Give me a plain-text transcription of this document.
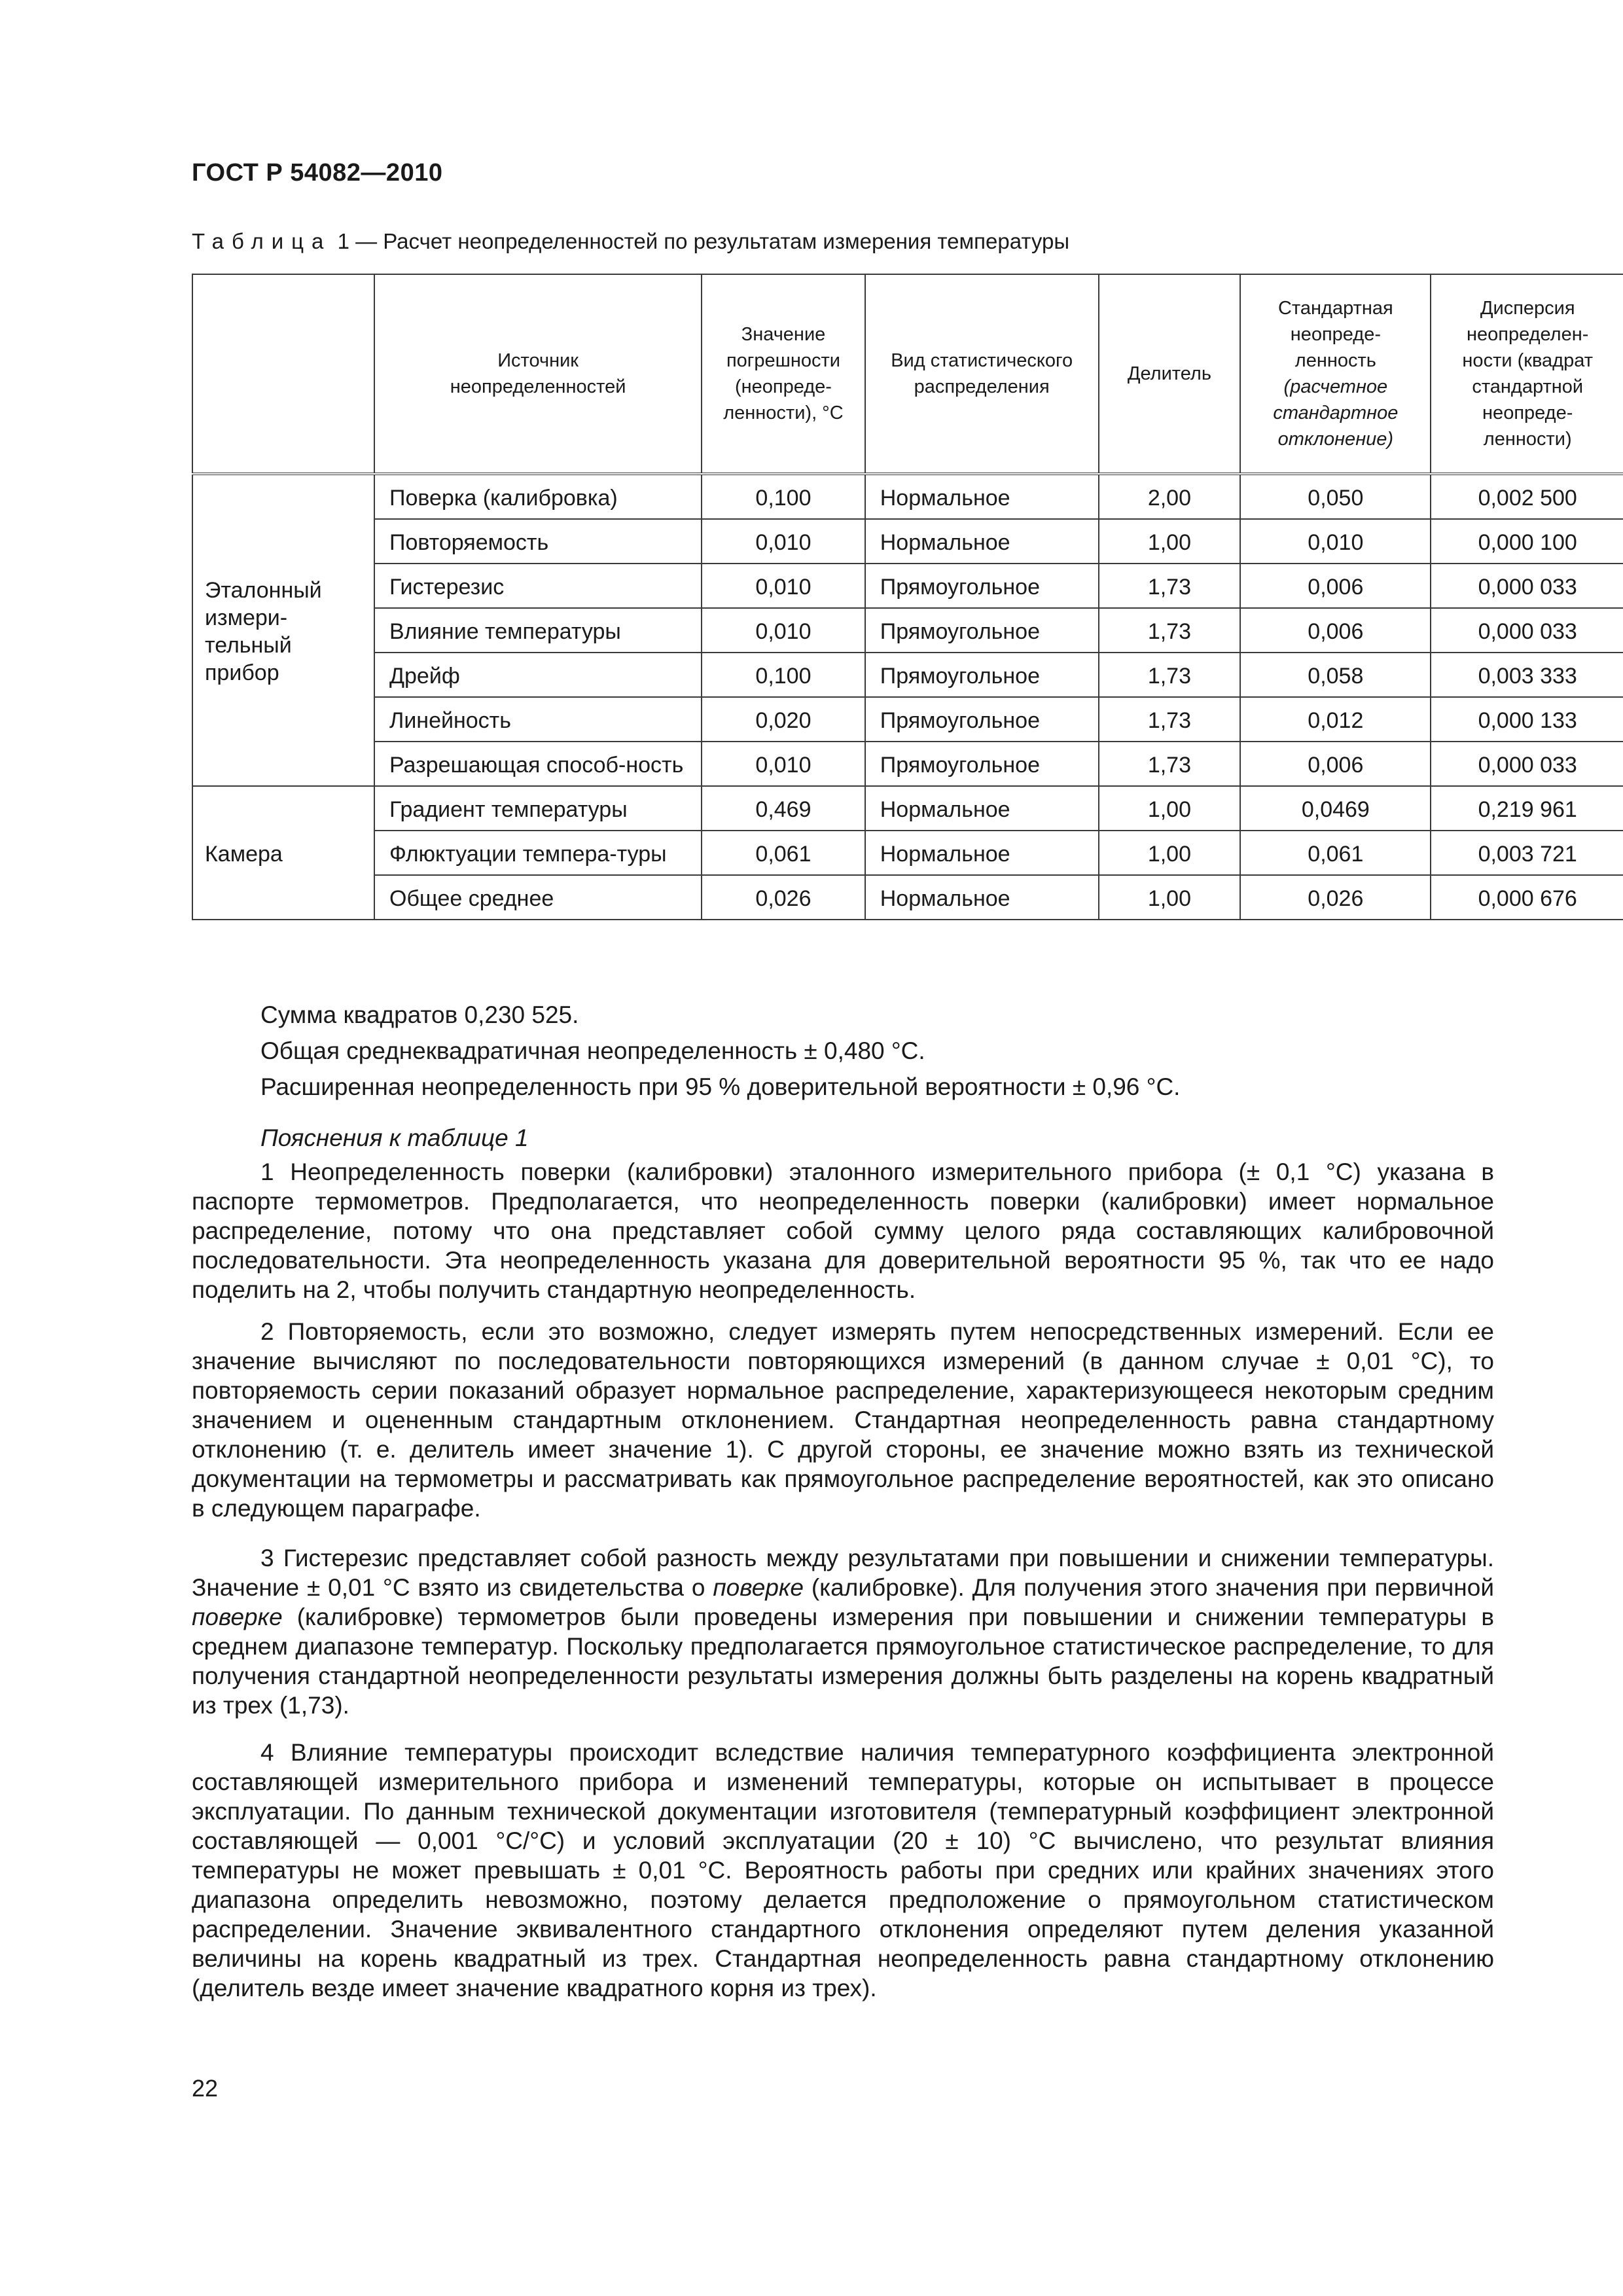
ГОСТ Р 54082—2010
Таблица 1 — Расчет неопределенностей по результатам измерения температуры
	Источник неопределенностей	Значение погрешности (неопреде-ленности), °С	Вид статистического распределения	Делитель	Стандартная неопреде-ленность (расчетное стандартное отклонение)	Дисперсия неопределен-ности (квадрат стандартной неопреде-ленности)
Эталонный измери-тельный прибор	Поверка (калибровка)	0,100	Нормальное	2,00	0,050	0,002 500
	Повторяемость	0,010	Нормальное	1,00	0,010	0,000 100
	Гистерезис	0,010	Прямоугольное	1,73	0,006	0,000 033
	Влияние температуры	0,010	Прямоугольное	1,73	0,006	0,000 033
	Дрейф	0,100	Прямоугольное	1,73	0,058	0,003 333
	Линейность	0,020	Прямоугольное	1,73	0,012	0,000 133
	Разрешающая способ-ность	0,010	Прямоугольное	1,73	0,006	0,000 033
Камера	Градиент температуры	0,469	Нормальное	1,00	0,0469	0,219 961
	Флюктуации темпера-туры	0,061	Нормальное	1,00	0,061	0,003 721
	Общее среднее	0,026	Нормальное	1,00	0,026	0,000 676
Сумма квадратов 0,230 525.
Общая среднеквадратичная неопределенность ± 0,480 °С.
Расширенная неопределенность при 95 % доверительной вероятности ± 0,96 °С.
Пояснения к таблице 1
1 Неопределенность поверки (калибровки) эталонного измерительного прибора (± 0,1 °С) указана в паспорте термометров. Предполагается, что неопределенность поверки (калибровки) имеет нормальное распределение, потому что она представляет собой сумму целого ряда составляющих калибровочной последовательности. Эта неопределенность указана для доверительной вероятности 95 %, так что ее надо поделить на 2, чтобы получить стандартную неопределенность.
2 Повторяемость, если это возможно, следует измерять путем непосредственных измерений. Если ее значение вычисляют по последовательности повторяющихся измерений (в данном случае ± 0,01 °С), то повторяемость серии показаний образует нормальное распределение, характеризующееся некоторым средним значением и оцененным стандартным отклонением. Стандартная неопределенность равна стандартному отклонению (т. е. делитель имеет значение 1). С другой стороны, ее значение можно взять из технической документации на термометры и рассматривать как прямоугольное распределение вероятностей, как это описано в следующем параграфе.
3 Гистерезис представляет собой разность между результатами при повышении и снижении температуры. Значение ± 0,01 °С взято из свидетельства о поверке (калибровке). Для получения этого значения при первичной поверке (калибровке) термометров были проведены измерения при повышении и снижении температуры в среднем диапазоне температур. Поскольку предполагается прямоугольное статистическое распределение, то для получения стандартной неопределенности результаты измерения должны быть разделены на корень квадратный из трех (1,73).
4 Влияние температуры происходит вследствие наличия температурного коэффициента электронной составляющей измерительного прибора и изменений температуры, которые он испытывает в процессе эксплуатации. По данным технической документации изготовителя (температурный коэффициент электронной составляющей — 0,001 °С/°С) и условий эксплуатации (20 ± 10) °С вычислено, что результат влияния температуры не может превышать ± 0,01 °С. Вероятность работы при средних или крайних значениях этого диапазона определить невозможно, поэтому делается предположение о прямоугольном статистическом распределении. Значение эквивалентного стандартного отклонения определяют путем деления указанной величины на корень квадратный из трех. Стандартная неопределенность равна стандартному отклонению (делитель везде имеет значение квадратного корня из трех).
22
